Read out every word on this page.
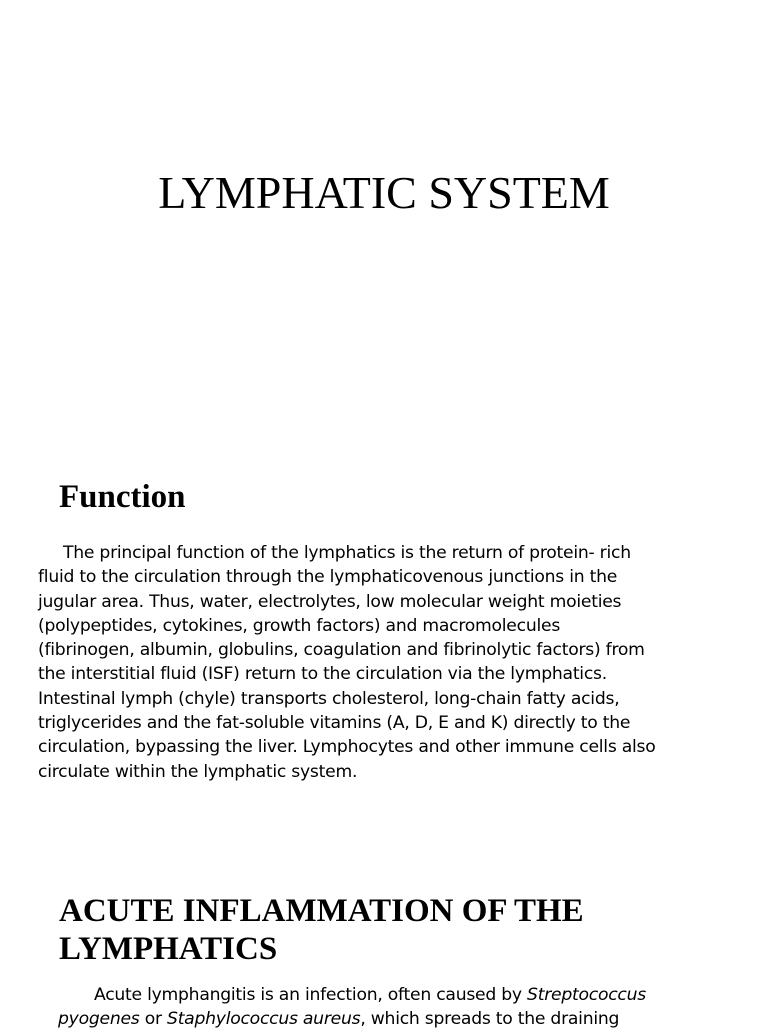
LYMPHATIC SYSTEM
Function
The principal function of the lymphatics is the return of protein- rich
fluid to the circulation through the lymphaticovenous junctions in the
jugular area. Thus, water, electrolytes, low molecular weight moieties
(polypeptides, cytokines, growth factors) and macromolecules
(fibrinogen, albumin, globulins, coagulation and fibrinolytic factors) from
the interstitial fluid (ISF) return to the circulation via the lymphatics.
Intestinal lymph (chyle) transports cholesterol, long-chain fatty acids,
triglycerides and the fat-soluble vitamins (A, D, E and K) directly to the
circulation, bypassing the liver. Lymphocytes and other immune cells also
circulate within the lymphatic system.
ACUTE INFLAMMATION OF THE LYMPHATICS
Acute lymphangitis is an infection, often caused by Streptococcus
pyogenes or Staphylococcus aureus, which spreads to the draining
